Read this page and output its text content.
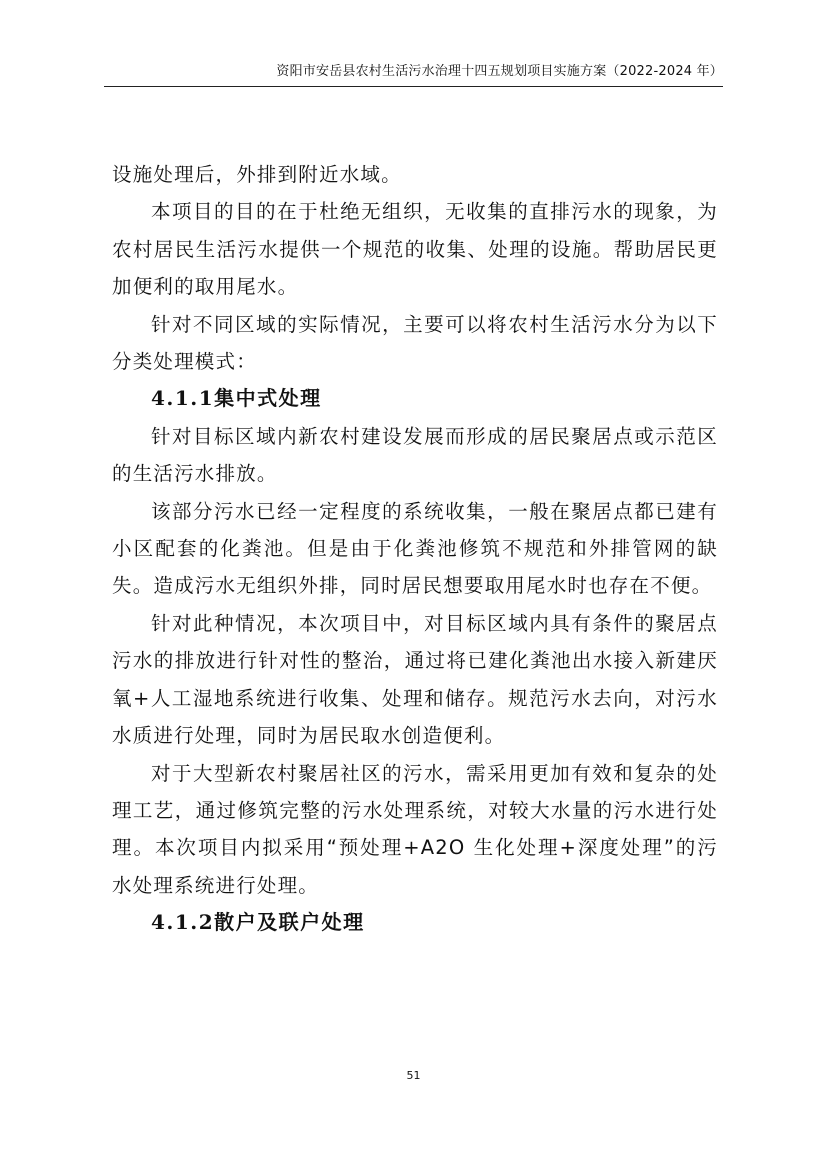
资阳市安岳县农村生活污水治理十四五规划项目实施方案（2022-2024 年）

设施处理后，外排到附近水域。

本项目的目的在于杜绝无组织，无收集的直排污水的现象，为农村居民生活污水提供一个规范的收集、处理的设施。帮助居民更加便利的取用尾水。

针对不同区域的实际情况，主要可以将农村生活污水分为以下分类处理模式：

4.1.1集中式处理

针对目标区域内新农村建设发展而形成的居民聚居点或示范区的生活污水排放。

该部分污水已经一定程度的系统收集，一般在聚居点都已建有小区配套的化粪池。但是由于化粪池修筑不规范和外排管网的缺失。造成污水无组织外排，同时居民想要取用尾水时也存在不便。

针对此种情况，本次项目中，对目标区域内具有条件的聚居点污水的排放进行针对性的整治，通过将已建化粪池出水接入新建厌氧+人工湿地系统进行收集、处理和储存。规范污水去向，对污水水质进行处理，同时为居民取水创造便利。

对于大型新农村聚居社区的污水，需采用更加有效和复杂的处理工艺，通过修筑完整的污水处理系统，对较大水量的污水进行处理。本次项目内拟采用“预处理+A2O 生化处理+深度处理”的污水处理系统进行处理。

4.1.2散户及联户处理

51
